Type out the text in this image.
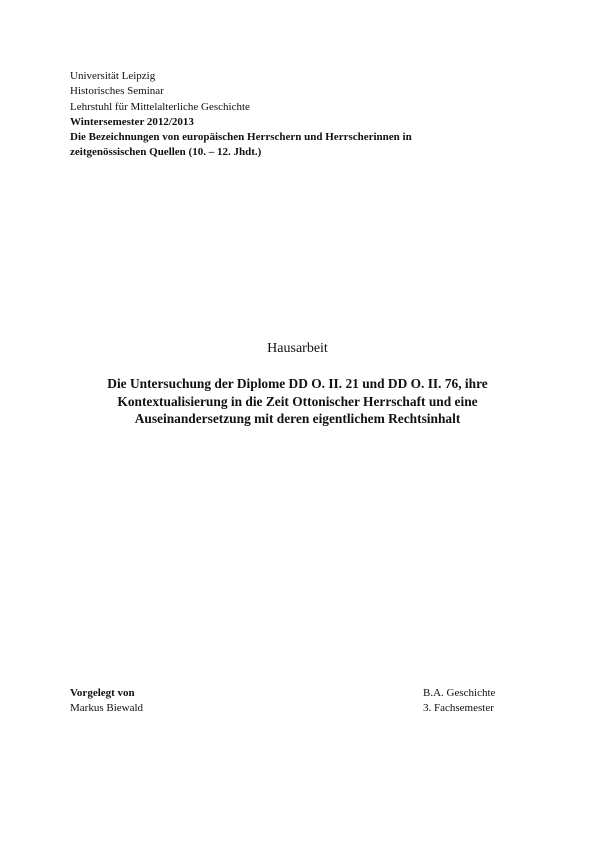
Universität Leipzig
Historisches Seminar
Lehrstuhl für Mittelalterliche Geschichte
Wintersemester 2012/2013
Die Bezeichnungen von europäischen Herrschern und Herrscherinnen in
zeitgenössischen Quellen (10. – 12. Jhdt.)
Hausarbeit
Die Untersuchung der Diplome DD O. II. 21 und DD O. II. 76, ihre
Kontextualisierung in die Zeit Ottonischer Herrschaft und eine
Auseinandersetzung mit deren eigentlichem Rechtsinhalt
Vorgelegt von
Markus Biewald
B.A. Geschichte
3. Fachsemester
